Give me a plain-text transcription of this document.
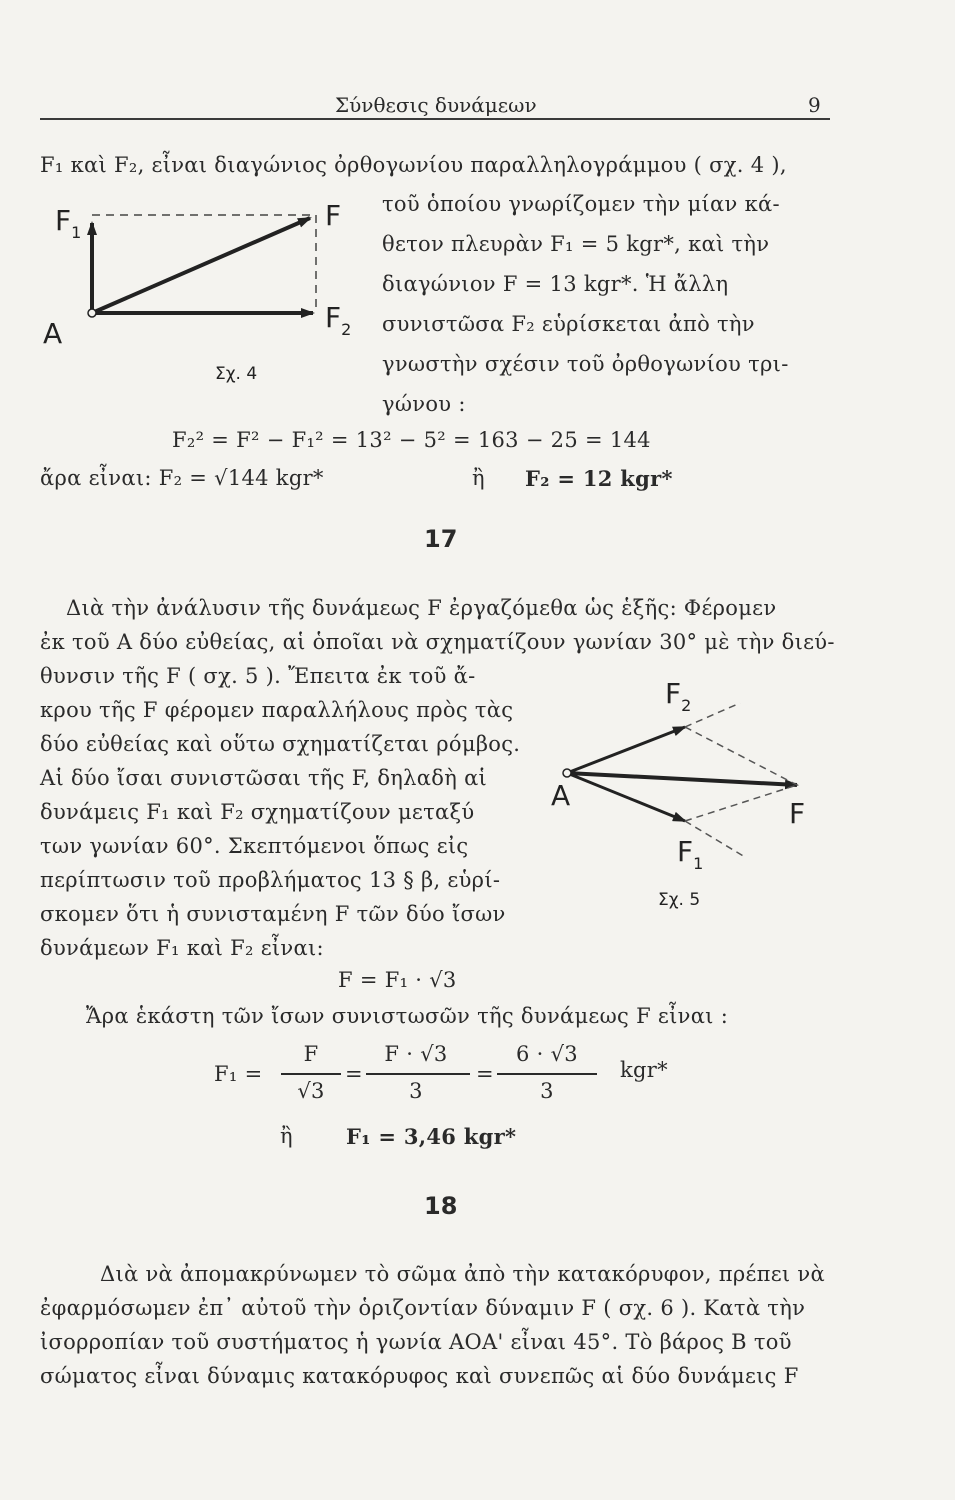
Σύνθεσις δυνάμεων	9
F₁ καὶ F₂, εἶναι διαγώνιος ὀρθογωνίου παραλληλογράμμου ( σχ. 4 ),
$F_1$
F
$F_2$
A
Σχ. 4
τοῦ ὁποίου γνωρίζομεν τὴν μίαν κά-
θετον πλευρὰν F₁ = 5 kgr*, καὶ τὴν
διαγώνιον F = 13 kgr*. Ἡ ἄλλη
συνιστῶσα F₂ εὑρίσκεται ἀπὸ τὴν
γνωστὴν σχέσιν τοῦ ὀρθογωνίου τρι-
γώνου :
F₂² = F² − F₁² = 13² − 5² = 163 − 25 = 144
ἄρα εἶναι: F₂ = √144 kgr*	ἢ F₂ = 12 kgr*
17
Διὰ τὴν ἀνάλυσιν τῆς δυνάμεως F ἐργαζόμεθα ὡς ἑξῆς: Φέρομεν
ἐκ τοῦ A δύο εὐθείας, αἱ ὁποῖαι νὰ σχηματίζουν γωνίαν 30° μὲ τὴν διεύ-
θυνσιν τῆς F ( σχ. 5 ). Ἔπειτα ἐκ τοῦ ἄ-
κρου τῆς F φέρομεν παραλλήλους πρὸς τὰς
δύο εὐθείας καὶ οὕτω σχηματίζεται ρόμβος.
Αἱ δύο ἴσαι συνιστῶσαι τῆς F, δηλαδὴ αἱ
δυνάμεις F₁ καὶ F₂ σχηματίζουν μεταξύ
των γωνίαν 60°. Σκεπτόμενοι ὅπως εἰς
περίπτωσιν τοῦ προβλήματος 13 § β, εὑρί-
σκομεν ὅτι ἡ συνισταμένη F τῶν δύο ἴσων
δυνάμεων F₁ καὶ F₂ εἶναι:
A
$F_2$
F
$F_1$
Σχ. 5
F = F₁ · √3
Ἄρα ἑκάστη τῶν ἴσων συνιστωσῶν τῆς δυνάμεως F εἶναι :
F₁ =
F
√3
=
F · √3
3
=
6 · √3
3
kgr*
ἢ	F₁ = 3,46 kgr*
18
Διὰ νὰ ἀπομακρύνωμεν τὸ σῶμα ἀπὸ τὴν κατακόρυφον, πρέπει νὰ
ἐφαρμόσωμεν ἐπ᾽ αὐτοῦ τὴν ὁριζοντίαν δύναμιν F ( σχ. 6 ). Κατὰ τὴν
ἰσορροπίαν τοῦ συστήματος ἡ γωνία ΑΟΑ' εἶναι 45°. Τὸ βάρος Β τοῦ
σώματος εἶναι δύναμις κατακόρυφος καὶ συνεπῶς αἱ δύο δυνάμεις F
